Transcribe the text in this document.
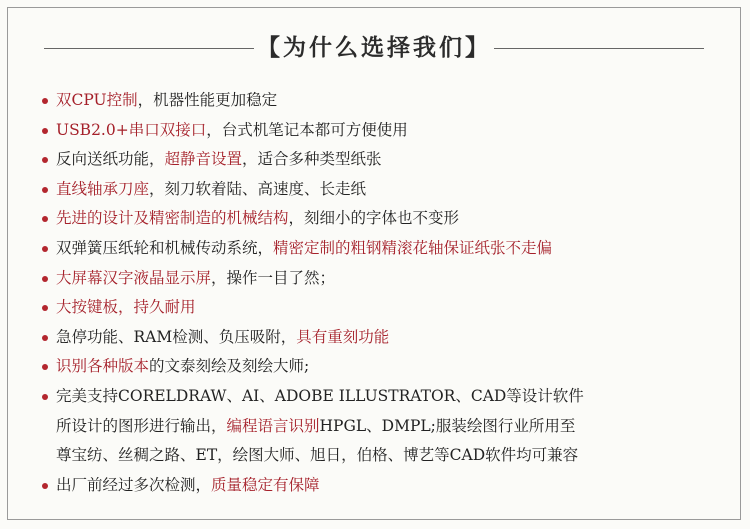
【为什么选择我们】
双CPU控制，机器性能更加稳定
USB2.0+串口双接口，台式机笔记本都可方便使用
反向送纸功能，超静音设置，适合多种类型纸张
直线轴承刀座，刻刀软着陆、高速度、长走纸
先进的设计及精密制造的机械结构，刻细小的字体也不变形
双弹簧压纸轮和机械传动系统，精密定制的粗钢精滚花轴保证纸张不走偏
大屏幕汉字液晶显示屏，操作一目了然；
大按键板，持久耐用
急停功能、RAM检测、负压吸附，具有重刻功能
识别各种版本的文泰刻绘及刻绘大师;
完美支持CORELDRAW、AI、ADOBE ILLUSTRATOR、CAD等设计软件
所设计的图形进行输出，编程语言识别HPGL、DMPL;服装绘图行业所用至
尊宝纺、丝稠之路、ET，绘图大师、旭日，伯格、博艺等CAD软件均可兼容
出厂前经过多次检测，质量稳定有保障
